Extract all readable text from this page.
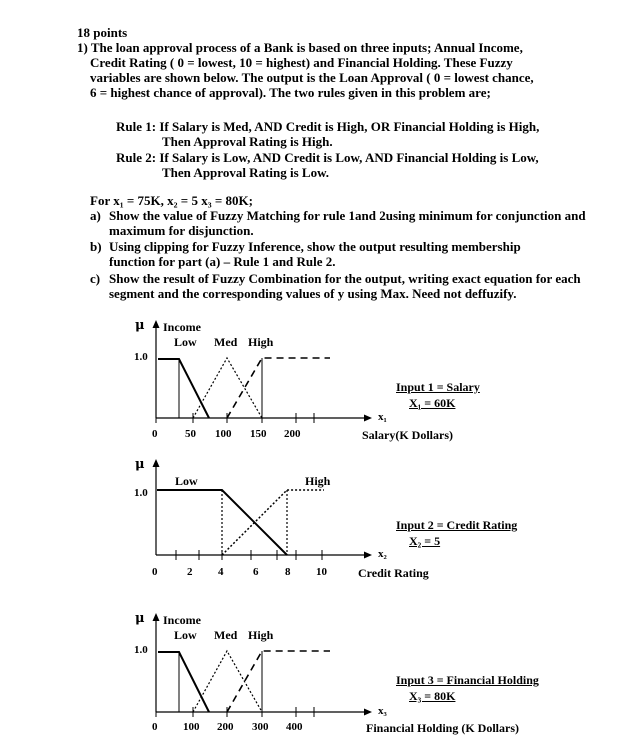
18 points
1) The loan approval process of a Bank is based on three inputs; Annual Income,
Credit Rating ( 0 = lowest, 10 = highest) and Financial Holding. These Fuzzy
variables are shown below. The output is the Loan Approval ( 0 = lowest chance,
6 = highest chance of approval). The two rules given in this problem are;
Rule 1: If Salary is Med, AND Credit is High, OR Financial Holding is High,
Then Approval Rating is High.
Rule 2: If Salary is Low, AND Credit is Low, AND Financial Holding is Low,
Then Approval Rating is Low.
For x₁ = 75K, x₂ = 5 x₃ = 80K;
a) Show the value of Fuzzy Matching for rule 1and 2using minimum for conjunction and
maximum for disjunction.
b) Using clipping for Fuzzy Inference, show the output resulting membership
function for part (a) – Rule 1 and Rule 2.
c) Show the result of Fuzzy Combination for the output, writing exact equation for each
segment and the corresponding values of y using Max. Need not deffuzify.
μ Income
Low Med High
1.0
x₁
0	50 100 150 200
Input 1 = Salary
X₁ = 60K
Salary(K Dollars)
μ
Low	High
1.0
x₂
0	2 4	6 8 10
Input 2 = Credit Rating
X₂ = 5
Credit Rating
μ Income
Low Med High
1.0
x₃
0 100 200 300 400
Input 3 = Financial Holding
X₃ = 80K
Financial Holding (K Dollars)
